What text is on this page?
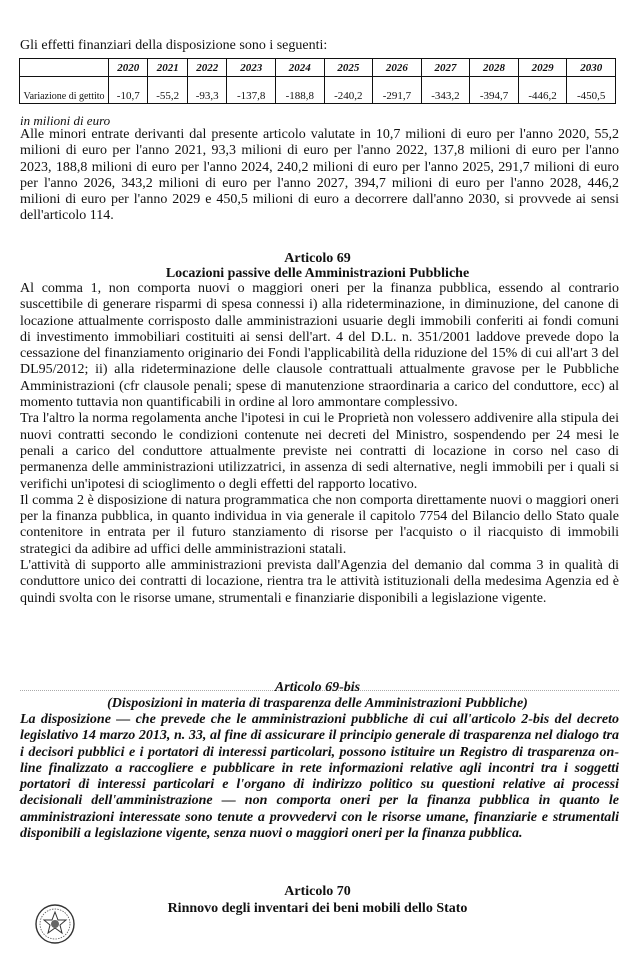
Gli effetti finanziari della disposizione sono i seguenti:
	2020	2021	2022	2023	2024	2025	2026	2027	2028	2029	2030
Variazione di gettito	-10,7	-55,2	-93,3	-137,8	-188,8	-240,2	-291,7	-343,2	-394,7	-446,2	-450,5
in milioni di euro
Alle minori entrate derivanti dal presente articolo valutate in 10,7 milioni di euro per l'anno 2020, 55,2 milioni di euro per l'anno 2021, 93,3 milioni di euro per l'anno 2022, 137,8 milioni di euro per l'anno 2023, 188,8 milioni di euro per l'anno 2024, 240,2 milioni di euro per l'anno 2025, 291,7 milioni di euro per l'anno 2026, 343,2 milioni di euro per l'anno 2027, 394,7 milioni di euro per l'anno 2028, 446,2 milioni di euro per l'anno 2029 e 450,5 milioni di euro a decorrere dall'anno 2030, si provvede ai sensi dell'articolo 114.
Articolo 69
Locazioni passive delle Amministrazioni Pubbliche

Al comma 1, non comporta nuovi o maggiori oneri per la finanza pubblica, essendo al contrario suscettibile di generare risparmi di spesa connessi i) alla rideterminazione, in diminuzione, del canone di locazione attualmente corrisposto dalle amministrazioni usuarie degli immobili conferiti ai fondi comuni di investimento immobiliari costituiti ai sensi dell'art. 4 del D.L. n. 351/2001 laddove prevede dopo la cessazione del finanziamento originario dei Fondi l'applicabilità della riduzione del 15% di cui all'art 3 del DL95/2012; ii) alla rideterminazione delle clausole contrattuali attualmente gravose per le Pubbliche Amministrazioni (cfr clausole penali; spese di manutenzione straordinaria a carico del conduttore, ecc) al momento tuttavia non quantificabili in ordine al loro ammontare complessivo.

Tra l'altro la norma regolamenta anche l'ipotesi in cui le Proprietà non volessero addivenire alla stipula dei nuovi contratti secondo le condizioni contenute nei decreti del Ministro, sospendendo per 24 mesi le penali a carico del conduttore attualmente previste nei contratti di locazione in corso nel caso di permanenza delle amministrazioni utilizzatrici, in assenza di sedi alternative, negli immobili per i quali si verifichi un'ipotesi di scioglimento o degli effetti del rapporto locativo.

Il comma 2 è disposizione di natura programmatica che non comporta direttamente nuovi o maggiori oneri per la finanza pubblica, in quanto individua in via generale il capitolo 7754 del Bilancio dello Stato quale contenitore in entrata per il futuro stanziamento di risorse per l'acquisto o il riacquisto di immobili strategici da adibire ad uffici delle amministrazioni statali.

L'attività di supporto alle amministrazioni prevista dall'Agenzia del demanio dal comma 3 in qualità di conduttore unico dei contratti di locazione, rientra tra le attività istituzionali della medesima Agenzia ed è quindi svolta con le risorse umane, strumentali e finanziarie disponibili a legislazione vigente.

Articolo 69-bis
(Disposizioni in materia di trasparenza delle Amministrazioni Pubbliche)
La disposizione — che prevede che le amministrazioni pubbliche di cui all'articolo 2-bis del decreto legislativo 14 marzo 2013, n. 33, al fine di assicurare il principio generale di trasparenza nel dialogo tra i decisori pubblici e i portatori di interessi particolari, possono istituire un Registro di trasparenza on-line finalizzato a raccogliere e pubblicare in rete informazioni relative agli incontri tra i soggetti portatori di interessi particolari e l'organo di indirizzo politico su questioni relative ai processi decisionali dell'amministrazione — non comporta oneri per la finanza pubblica in quanto le amministrazioni interessate sono tenute a provvedervi con le risorse umane, finanziarie e strumentali disponibili a legislazione vigente, senza nuovi o maggiori oneri per la finanza pubblica.
Articolo 70
Rinnovo degli inventari dei beni mobili dello Stato
